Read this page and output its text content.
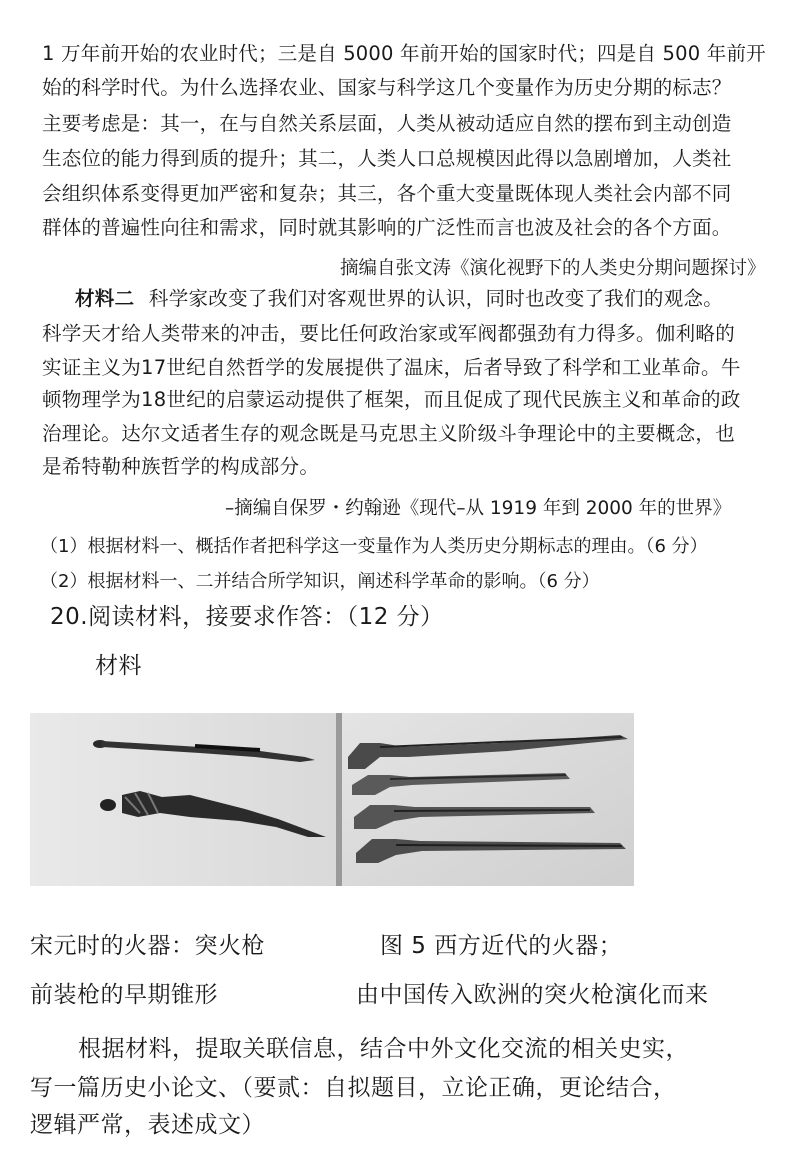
1 万年前开始的农业时代；三是自 5000 年前开始的国家时代；四是自 500 年前开
始的科学时代。为什么选择农业、国家与科学这几个变量作为历史分期的标志？
主要考虑是：其一，在与自然关系层面，人类从被动适应自然的摆布到主动创造
生态位的能力得到质的提升；其二，人类人口总规模因此得以急剧增加，人类社
会组织体系变得更加严密和复杂；其三，各个重大变量既体现人类社会内部不同
群体的普遍性向往和需求，同时就其影响的广泛性而言也波及社会的各个方面。
摘编自张文涛《演化视野下的人类史分期问题探讨》
材料二 科学家改变了我们对客观世界的认识，同时也改变了我们的观念。
科学天才给人类带来的冲击，要比任何政治家或军阀都强劲有力得多。伽利略的
实证主义为17世纪自然哲学的发展提供了温床，后者导致了科学和工业革命。牛
顿物理学为18世纪的启蒙运动提供了框架，而且促成了现代民族主义和革命的政
治理论。达尔文适者生存的观念既是马克思主义阶级斗争理论中的主要概念，也
是希特勒种族哲学的构成部分。
–摘编自保罗・约翰逊《现代–从 1919 年到 2000 年的世界》
（1）根据材料一、概括作者把科学这一变量作为人类历史分期标志的理由。（6 分）
（2）根据材料一、二并结合所学知识，阐述科学革命的影响。（6 分）
20.阅读材料，接要求作答：（12 分）
材料
宋元时的火器：突火枪	图 5 西方近代的火器；
前装枪的早期锥形	由中国传入欧洲的突火枪演化而来
根据材料，提取关联信息，结合中外文化交流的相关史实，
写一篇历史小论文、（要贰：自拟题目，立论正确，更论结合，
逻辑严常，表述成文）
